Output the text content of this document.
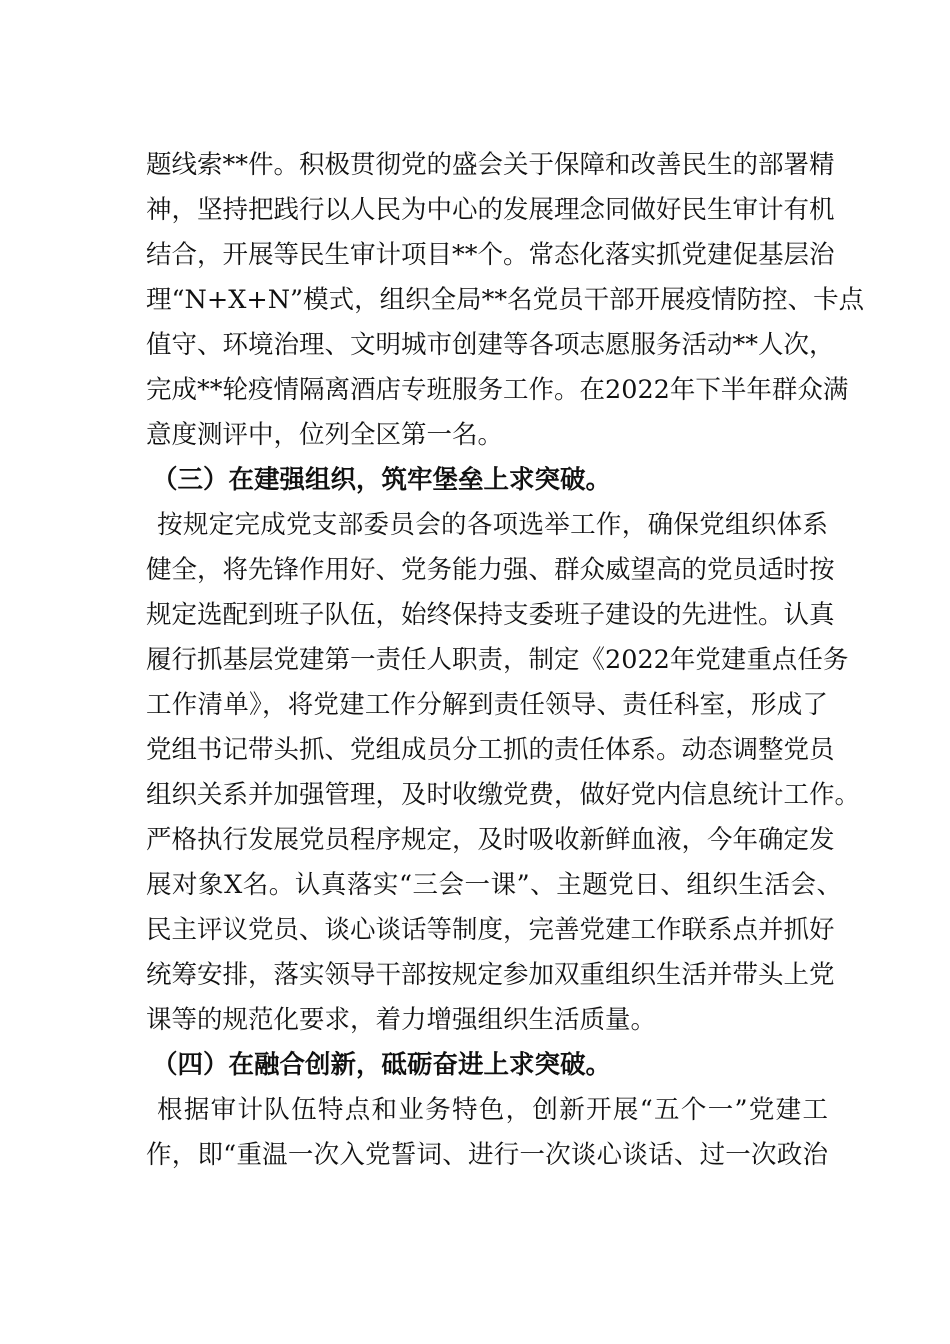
题线索**件。积极贯彻党的盛会关于保障和改善民生的部署精
神，坚持把践行以人民为中心的发展理念同做好民生审计有机
结合，开展等民生审计项目**个。常态化落实抓党建促基层治
理“N+X+N”模式，组织全局**名党员干部开展疫情防控、卡点
值守、环境治理、文明城市创建等各项志愿服务活动**人次，
完成**轮疫情隔离酒店专班服务工作。在2022年下半年群众满
意度测评中，位列全区第一名。
（三）在建强组织，筑牢堡垒上求突破。
按规定完成党支部委员会的各项选举工作，确保党组织体系
健全，将先锋作用好、党务能力强、群众威望高的党员适时按
规定选配到班子队伍，始终保持支委班子建设的先进性。认真
履行抓基层党建第一责任人职责，制定《2022年党建重点任务
工作清单》，将党建工作分解到责任领导、责任科室，形成了
党组书记带头抓、党组成员分工抓的责任体系。动态调整党员
组织关系并加强管理，及时收缴党费，做好党内信息统计工作。
严格执行发展党员程序规定，及时吸收新鲜血液，今年确定发
展对象X名。认真落实“三会一课”、主题党日、组织生活会、
民主评议党员、谈心谈话等制度，完善党建工作联系点并抓好
统筹安排，落实领导干部按规定参加双重组织生活并带头上党
课等的规范化要求，着力增强组织生活质量。
（四）在融合创新，砥砺奋进上求突破。
根据审计队伍特点和业务特色，创新开展“五个一”党建工
作，即“重温一次入党誓词、进行一次谈心谈话、过一次政治
